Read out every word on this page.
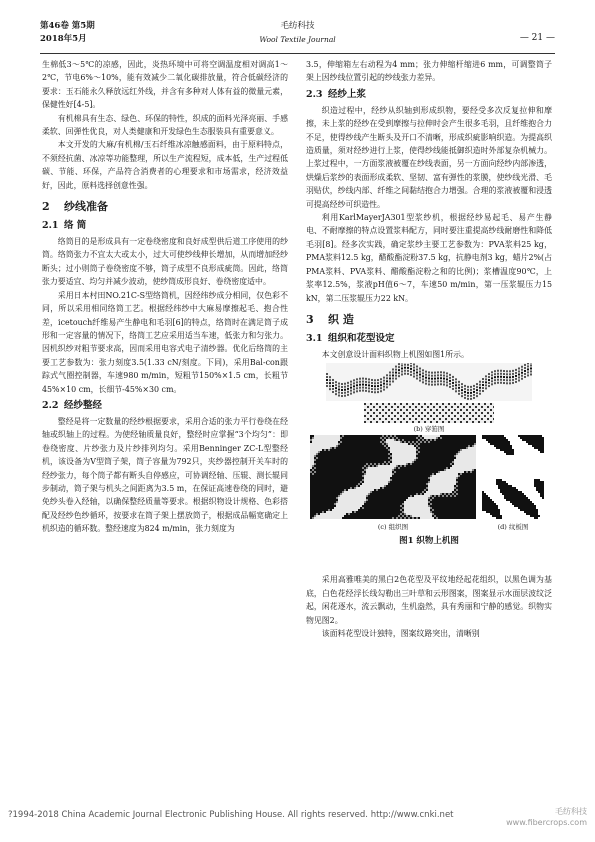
第46卷 第5期
2018年5月
毛纺科技
Wool Textile Journal	— 21 —

生棉低3～5℃的凉感，因此，炎热环境中可将空调温度相对调高1～2℃，节电6%～10%，能有效减少二氧化碳排放量，符合低碳经济的要求：玉石能永久释放远红外线，并含有多种对人体有益的微量元素，保健性好[4-5]。

有机棉具有生态、绿色、环保的特性，织成的面料光泽亮丽、手感柔软、回弹性优良，对人类健康和开发绿色生态服装具有重要意义。

本文开发的大麻/有机棉/玉石纤维冰凉触感面料，由于原料特点，不须经抗菌、冰凉等功能整理，所以生产流程短，成本低，生产过程低碳、节能、环保，产品符合消费者的心理要求和市场需求，经济效益好，因此，原料选择创意性强。

2 纱线准备
2.1 络 筒

络筒目的是形成具有一定卷绕密度和良好成型供后道工序使用的纱筒。络筒张力不宜太大或太小，过大可使纱线伸长增加，从而增加经纱断头；过小则筒子卷绕密度不够，筒子成型不良形成疵筒。因此，络筒张力要适宜、均匀并减少波动，使纱筒成形良好、卷绕密度适中。

采用日本村田NO.21C-S型络筒机，因经纬纱成分相同，仅色彩不同，所以采用相同络筒工艺。根据经纬纱中大麻易摩擦起毛、抱合性差，icetouch纤维易产生静电和毛羽[6]的特点，络筒时在满足筒子成形和一定容量的情况下，络筒工艺应采用适当车速，低张力和匀张力。因机织纱对粗节要求高，因而采用电容式电子清纱器。优化后络筒的主要工艺参数为：张力刻度3.5(1.33 cN/刻度。下同)，采用Bal-con跟踪式气圈控制器，车速980 m/min，短粗节150%×1.5 cm，长粗节45%×10 cm，长细节-45%×30 cm。

2.2 经纱整经

整经是将一定数量的经纱根据要求，采用合适的张力平行卷绕在经轴或织轴上的过程。为使经轴质量良好，整经时应掌握“3个均匀”：即卷绕密度、片纱张力及片纱排列均匀。采用Benninger ZC-L型整经机，该设备为V型筒子架，筒子容量为792只，夹纱器控制开关车时的经纱张力，每个筒子都有断头自停感应，可协调经轴、压辊、测长辊同步制动，筒子架与机头之间距离为3.5 m，在保证高速卷绕的同时，避免纱头卷入经轴，以确保整经质量等要求。根据织物设计规格、色彩搭配及经纱色纱循环，按要求在筒子架上摆放筒子，根据成品幅宽确定上机织造的循环数。整经速度为824 m/min，张力刻度为

3.5，伸缩箱左右动程为4 mm；张力伸缩杆缩进6 mm，可调整筒子架上因纱线位置引起的纱线张力差异。

2.3 经纱上浆

织造过程中，经纱从织轴到形成织物，要经受多次反复拉伸和摩擦，未上浆的经纱在受到摩擦与拉伸时会产生很多毛羽，且纤维抱合力不足，使得纱线产生断头及开口不清晰，形成织疵影响织造。为提高织造质量，须对经纱进行上浆，使得纱线能抵御织造时外部复杂机械力。上浆过程中，一方面浆液被覆在纱线表面，另一方面向经纱内部渗透，烘燥后浆纱的表面形成柔软、坚韧、富有弹性的浆膜，使纱线光滑、毛羽贴伏，纱线内部、纤维之间黏结抱合力增强。合理的浆液被覆和浸透可提高经纱可织造性。

利用KarlMayerJA301型浆纱机，根据经纱易起毛、易产生静电、不耐摩擦的特点设置浆料配方，同时要注重提高纱线耐磨性和降低毛羽[8]。经多次实践，确定浆纱主要工艺参数为：PVA浆料25 kg，PMA浆料12.5 kg，醋酸酯淀粉37.5 kg，抗静电剂3 kg，蜡片2%(占PMA浆料、PVA浆料、醋酸酯淀粉之和的比例)；浆槽温度90℃，上浆率12.5%，浆液pH值6～7，车速50 m/min，第一压浆辊压力15 kN，第二压浆辊压力22 kN。

3 织 造
3.1 组织和花型设定

本文创意设计面料织物上机图如图1所示。

(b) 穿筘图
(c) 组织图	(d) 纹板图
图1 织物上机图

采用高雅唯美的黑白2色花型及平纹地经起花组织，以黑色调为基底，白色花经浮长线勾勒出三叶草和云形图案，图案显示水面层波纹泛起，闲花逐水，流云飘动，生机盎然，具有秀丽和宁静的感觉。织物实物见图2。

该面料花型设计独特，图案纹路突出，清晰别

?1994-2018 China Academic Journal Electronic Publishing House. All rights reserved. http://www.cnki.net	毛纺科技
www.fibercrops.com
